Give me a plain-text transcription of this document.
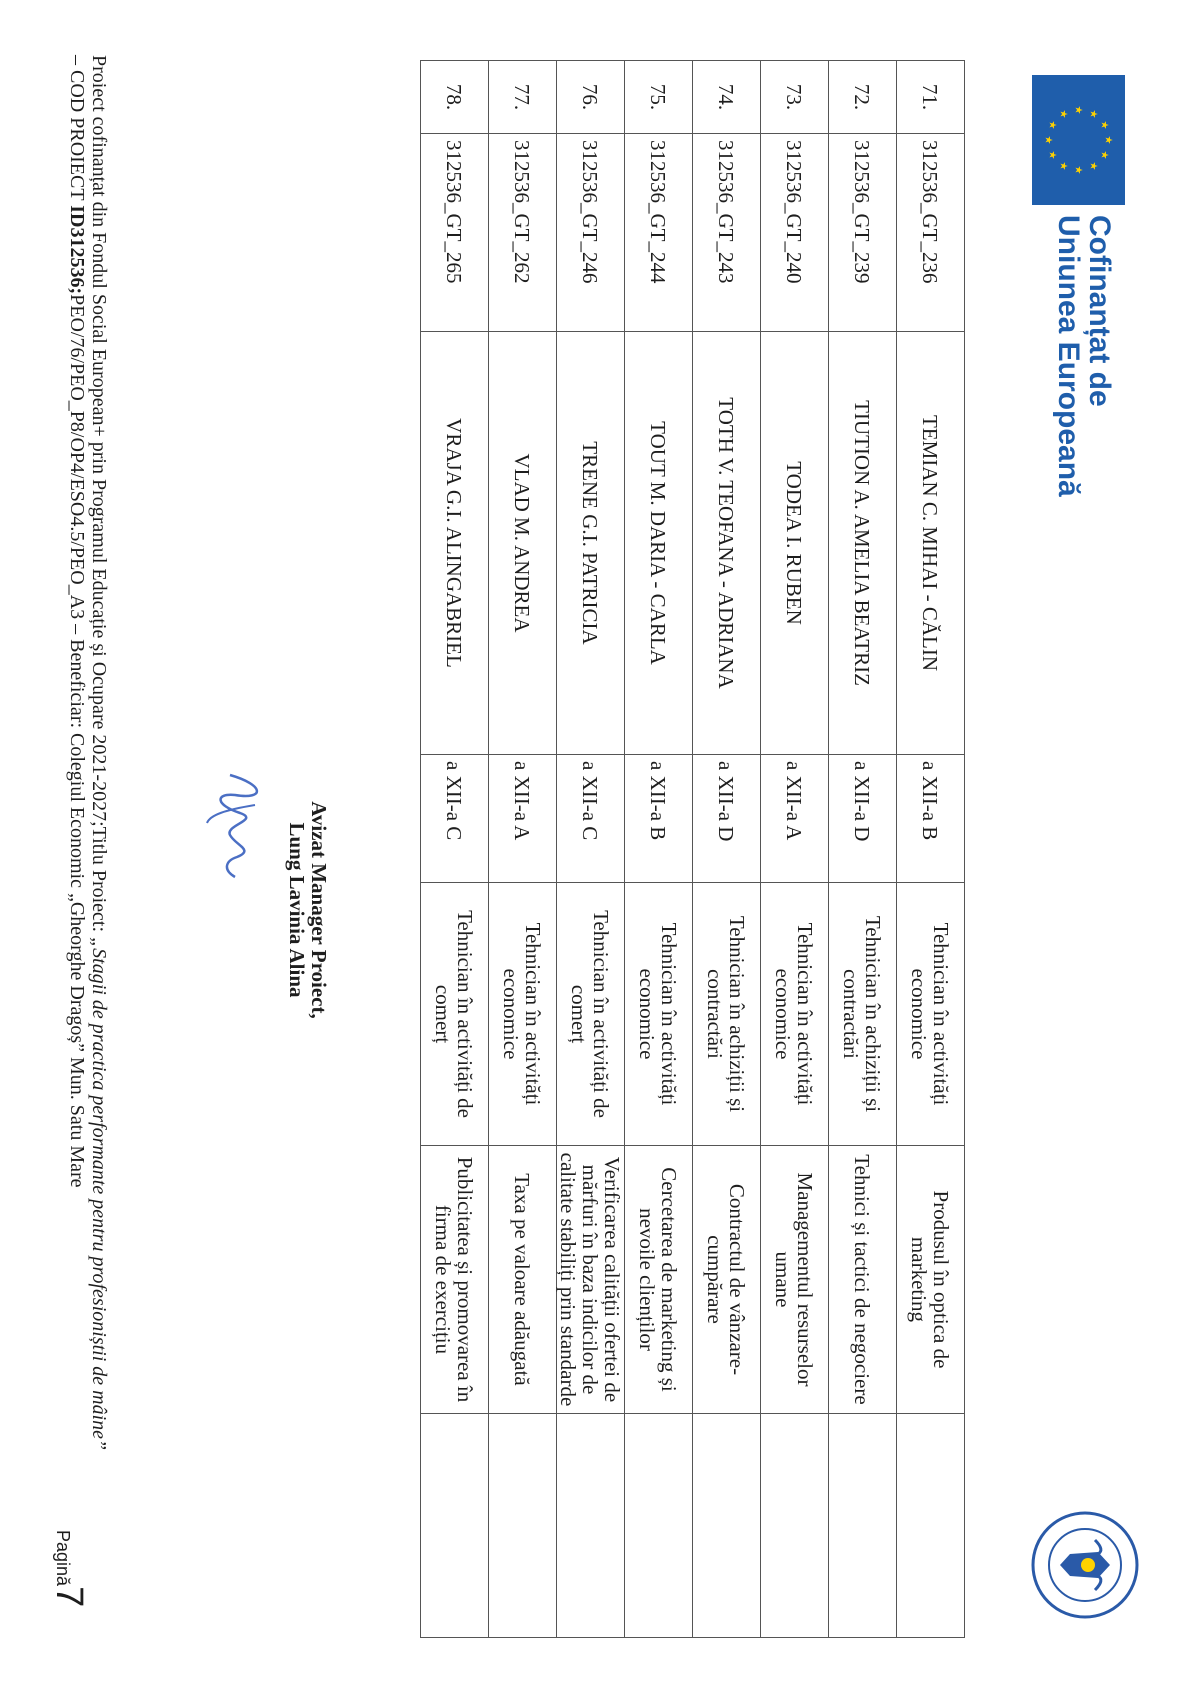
★
★
★
★
★
★ ★ ★
★
★
★
★
Cofinanțat de
Uniunea Europeană
71.	312536_GT_236	TEMIAN C. MIHAI - CĂLIN	a XII-a B	Tehnician în activități economice	Produsul în optica de marketing	
72.	312536_GT_239	TIUTION A. AMELIA BEATRIZ	a XII-a D	Tehnician în achiziții și contractări	Tehnici și tactici de negociere	
73.	312536_GT_240	TODEA I. RUBEN	a XII-a A	Tehnician în activități economice	Managementul resurselor umane	
74.	312536_GT_243	TOTH V. TEOFANA - ADRIANA	a XII-a D	Tehnician în achiziții și contractări	Contractul de vânzare-cumpărare	
75.	312536_GT_244	TOUT M. DARIA - CARLA	a XII-a B	Tehnician în activități economice	Cercetarea de marketing și nevoile clienților	
76.	312536_GT_246	TRENE G.I. PATRICIA	a XII-a C	Tehnician în activități de comerț	Verificarea calității ofertei de mărfuri în baza indicilor de calitate stabiliți prin standarde	
77.	312536_GT_262	VLAD M. ANDREA	a XII-a A	Tehnician în activități economice	Taxa pe valoare adăugată	
78.	312536_GT_265	VRAJA G.I. ALINGABRIEL	a XII-a C	Tehnician în activități de comerț	Publicitatea și promovarea în firma de exercițiu	
Avizat Manager Proiect,
Lung Lavinia Alina
Proiect cofinanțat din Fondul Social European+ prin Programul Educație și Ocupare 2021-2027;Titlu Proiect: „Stagii de practica performante pentru profesioniștii de mâine”
– COD PROIECT ID312536;PEO/76/PEO_P8/OP4/ESO4.5/PEO_A3 – Beneficiar: Colegiul Economic „Gheorghe Dragoș” Mun. Satu Mare
Pagină7
